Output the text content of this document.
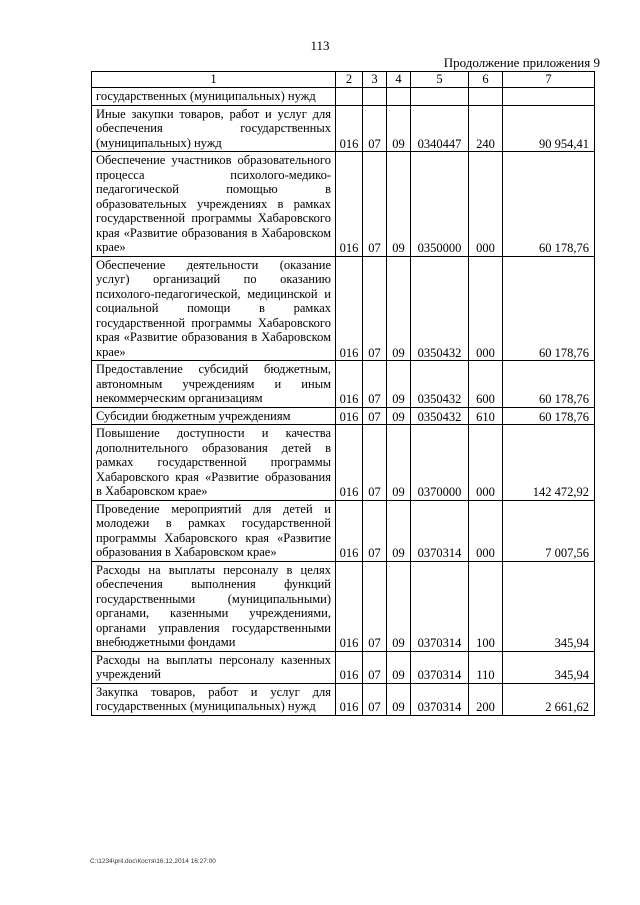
113
Продолжение приложения 9
1	2	3	4	5	6	7
государственных (муниципальных) нужд						
Иные закупки товаров, работ и услуг для обеспечения государственных (муниципальных) нужд	016	07	09	0340447	240	90 954,41
Обеспечение участников образовательного процесса психолого-медико-педагогической помощью в образовательных учреждениях в рамках государственной программы Хабаровского края «Развитие образования в Хабаровском крае»	016	07	09	0350000	000	60 178,76
Обеспечение деятельности (оказание услуг) организаций по оказанию психолого-педагогической, медицинской и социальной помощи в рамках государственной программы Хабаровского края «Развитие образования в Хабаровском крае»	016	07	09	0350432	000	60 178,76
Предоставление субсидий бюджетным, автономным учреждениям и иным некоммерческим организациям	016	07	09	0350432	600	60 178,76
Субсидии бюджетным учреждениям	016	07	09	0350432	610	60 178,76
Повышение доступности и качества дополнительного образования детей в рамках государственной программы Хабаровского края «Развитие образования в Хабаровском крае»	016	07	09	0370000	000	142 472,92
Проведение мероприятий для детей и молодежи в рамках государственной программы Хабаровского края «Развитие образования в Хабаровском крае»	016	07	09	0370314	000	7 007,56
Расходы на выплаты персоналу в целях обеспечения выполнения функций государственными (муниципальными) органами, казенными учреждениями, органами управления государственными внебюджетными фондами	016	07	09	0370314	100	345,94
Расходы на выплаты персоналу казенных учреждений	016	07	09	0370314	110	345,94
Закупка товаров, работ и услуг для государственных (муниципальных) нужд	016	07	09	0370314	200	2 661,62
C:\1234\pril.doc\Костя\16.12.2014 16:27:00
